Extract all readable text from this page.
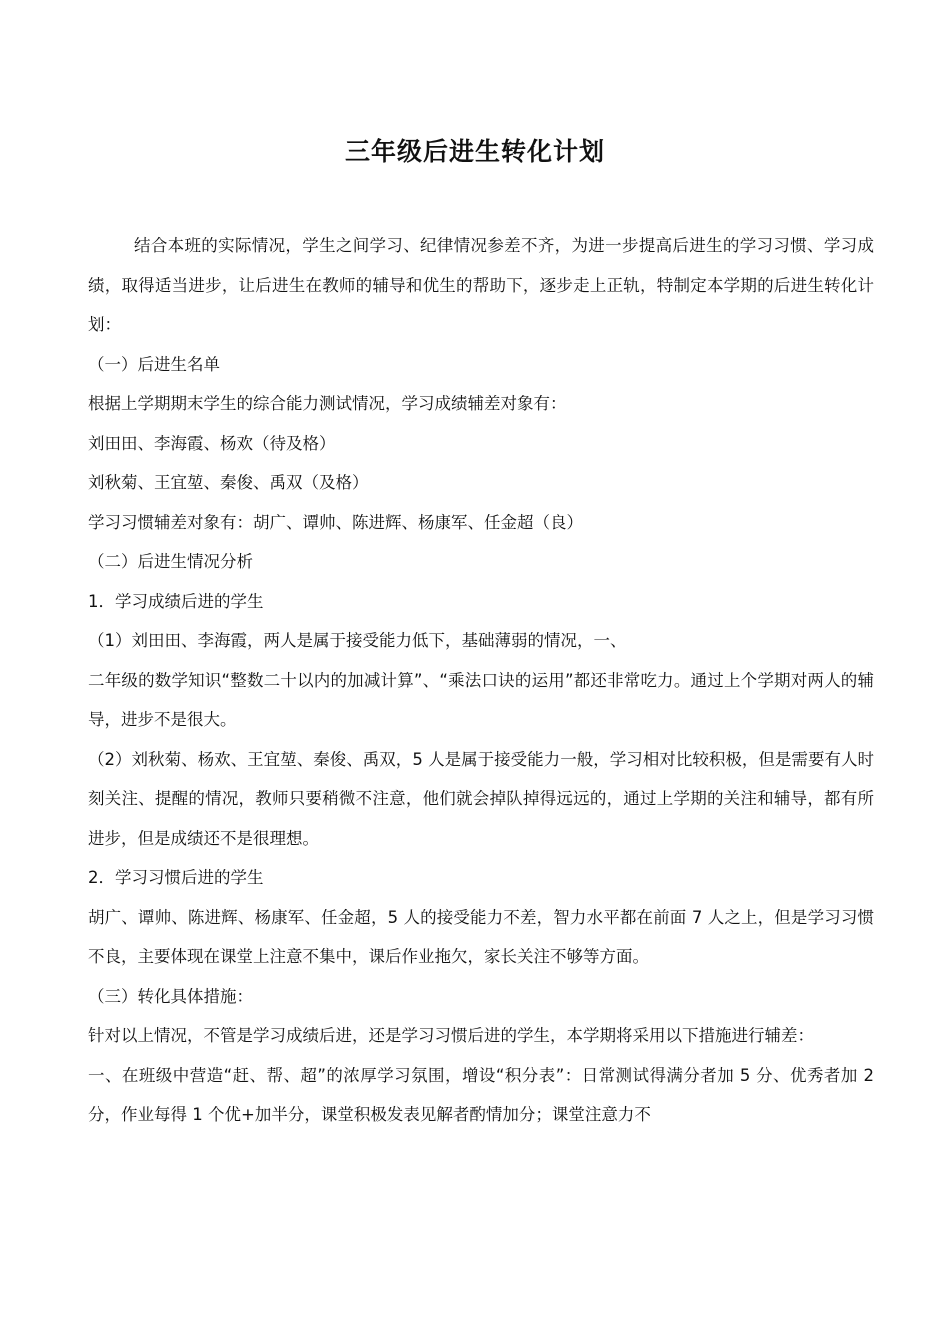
三年级后进生转化计划

结合本班的实际情况，学生之间学习、纪律情况参差不齐，为进一步提高后进生的学习习惯、学习成绩，取得适当进步，让后进生在教师的辅导和优生的帮助下，逐步走上正轨，特制定本学期的后进生转化计划：

（一）后进生名单

根据上学期期末学生的综合能力测试情况，学习成绩辅差对象有：

刘田田、李海霞、杨欢（待及格）

刘秋菊、王宜堃、秦俊、禹双（及格）

学习习惯辅差对象有：胡广、谭帅、陈进辉、杨康军、任金超（良）

（二）后进生情况分析

1．学习成绩后进的学生

（1）刘田田、李海霞，两人是属于接受能力低下，基础薄弱的情况，一、

二年级的数学知识“整数二十以内的加减计算”、“乘法口诀的运用”都还非常吃力。通过上个学期对两人的辅导，进步不是很大。

（2）刘秋菊、杨欢、王宜堃、秦俊、禹双，5 人是属于接受能力一般，学习相对比较积极，但是需要有人时刻关注、提醒的情况，教师只要稍微不注意，他们就会掉队掉得远远的，通过上学期的关注和辅导，都有所进步，但是成绩还不是很理想。

2．学习习惯后进的学生

胡广、谭帅、陈进辉、杨康军、任金超，5 人的接受能力不差，智力水平都在前面 7 人之上，但是学习习惯不良，主要体现在课堂上注意不集中，课后作业拖欠，家长关注不够等方面。

（三）转化具体措施：

针对以上情况，不管是学习成绩后进，还是学习习惯后进的学生，本学期将采用以下措施进行辅差：

一、在班级中营造“赶、帮、超”的浓厚学习氛围，增设“积分表”：日常测试得满分者加 5 分、优秀者加 2 分，作业每得 1 个优+加半分，课堂积极发表见解者酌情加分；课堂注意力不
